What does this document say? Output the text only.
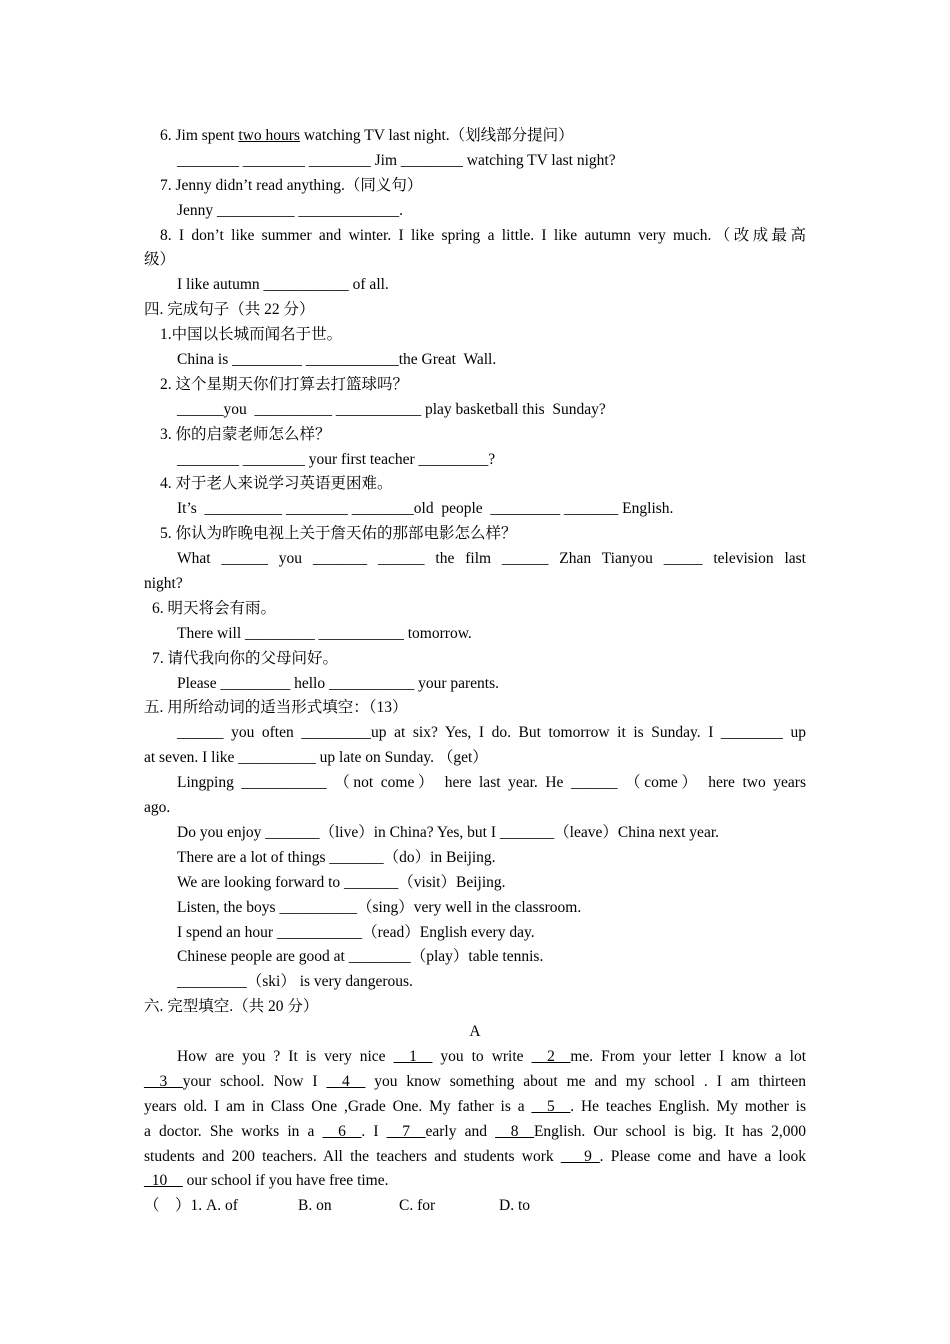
6. Jim spent two hours watching TV last night.（划线部分提问）
________ ________ ________ Jim ________ watching TV last night?
7. Jenny didn’t read anything.（同义句）
Jenny __________ _____________.
8. I don’t like summer and winter. I like spring a little. I like autumn very much.（改成最高
级）
I like autumn ___________ of all.
四. 完成句子（共 22 分）
1.中国以长城而闻名于世。
China is _________ ____________the Great  Wall.
2. 这个星期天你们打算去打篮球吗？
______you  __________ ___________ play basketball this  Sunday?
3. 你的启蒙老师怎么样？
________ ________ your first teacher _________?
4. 对于老人来说学习英语更困难。
It’s  __________ ________ ________old  people  _________ _______ English.
5. 你认为昨晚电视上关于詹天佑的那部电影怎么样？
What ______ you _______ ______ the film ______ Zhan Tianyou _____ television last
night?
6. 明天将会有雨。
There will _________ ___________ tomorrow.
7. 请代我向你的父母问好。
Please _________ hello ___________ your parents.
五. 用所给动词的适当形式填空：（13）
______ you often _________up at six? Yes, I do. But tomorrow it is Sunday. I ________ up
at seven. I like __________ up late on Sunday. （get）
Lingping ___________ （not come） here last year. He ______ （come） here two years
ago.
Do you enjoy _______（live）in China? Yes, but I _______（leave）China next year.
There are a lot of things _______（do）in Beijing.
We are looking forward to _______（visit）Beijing.
Listen, the boys __________（sing）very well in the classroom.
I spend an hour ___________（read）English every day.
Chinese people are good at ________（play）table tennis.
_________（ski） is very dangerous.
六. 完型填空.（共 20 分）
A
How are you ? It is very nice __1__ you to write __2__me. From your letter I know a lot
__3__your school. Now I __4__ you know something about me and my school . I am thirteen
years old. I am in Class One ,Grade One. My father is a __5__. He teaches English. My mother is
a doctor. She works in a __6__. I __7__early and __8__English. Our school is big. It has 2,000
students and 200 teachers. All the teachers and students work ___9_. Please come and have a look
_10__ our school if you have free time.
（    ）1. A. of	B. on	C. for	D. to
